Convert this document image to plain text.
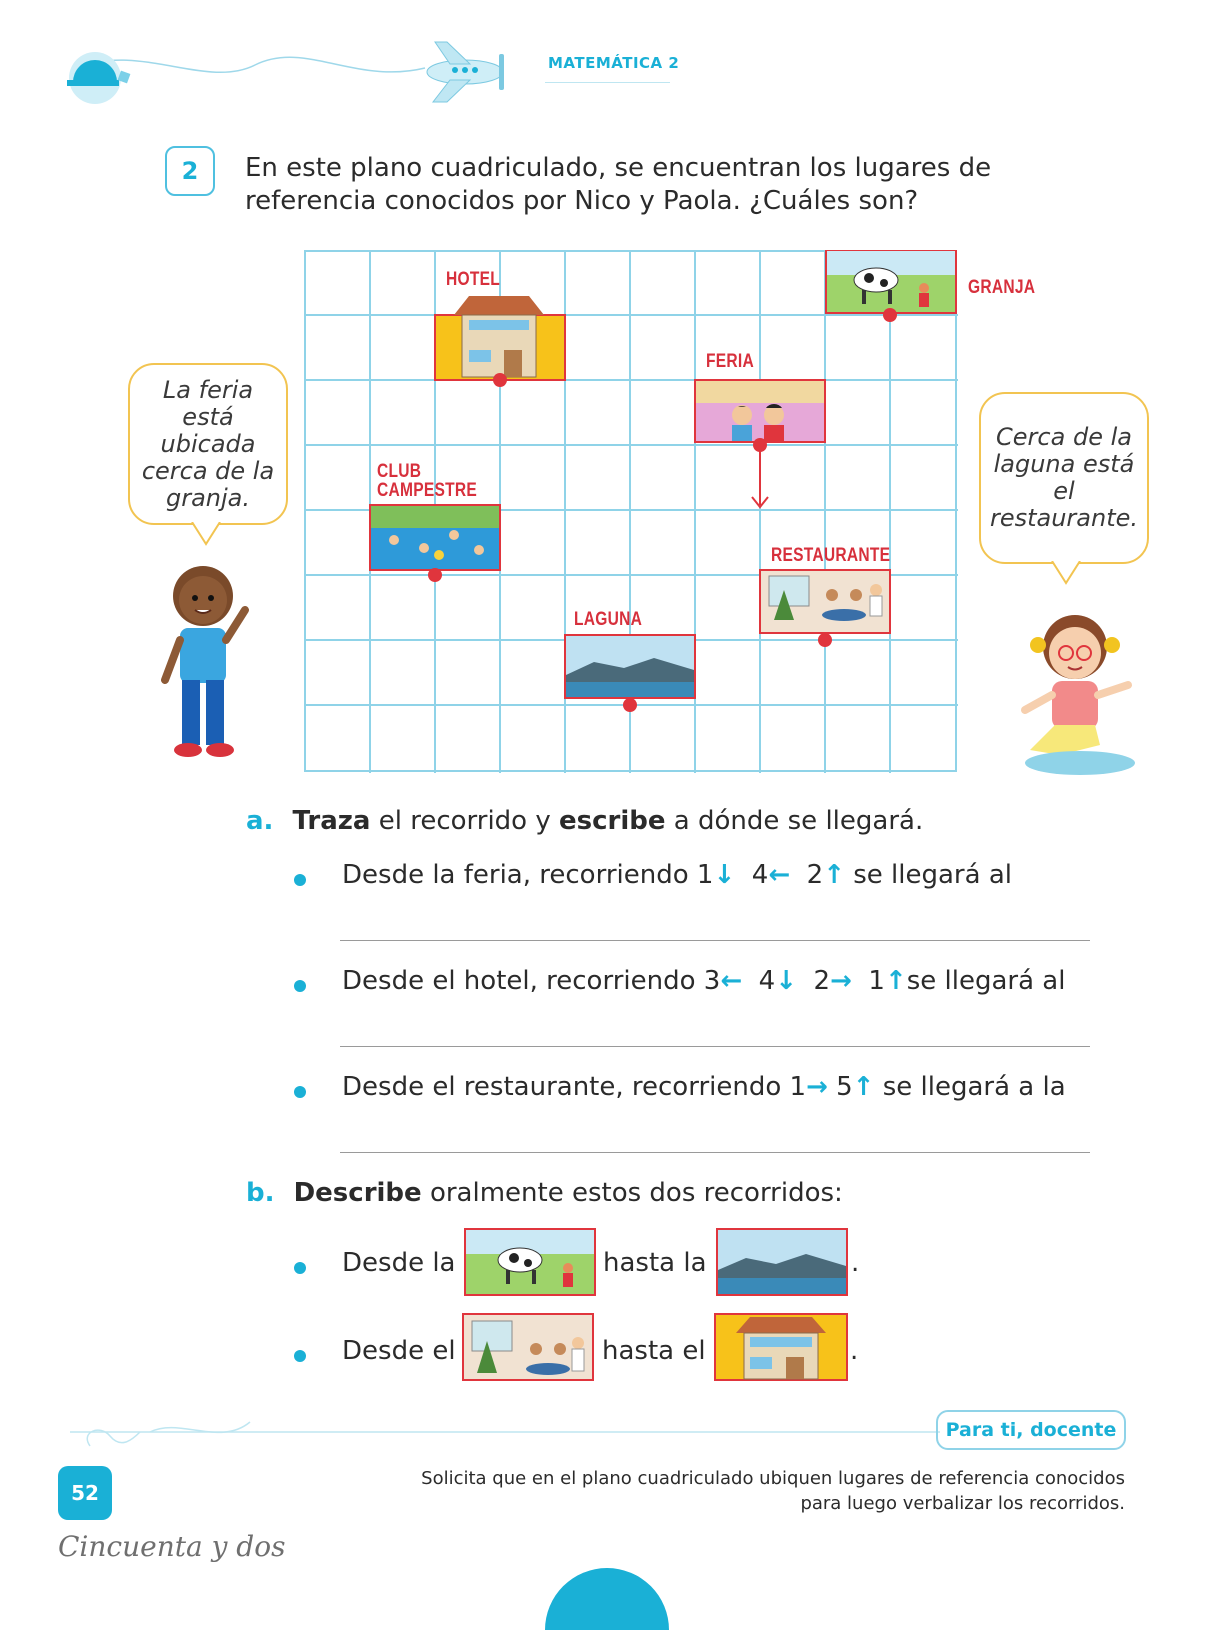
MATEMÁTICA 2
2	En este plano cuadriculado, se encuentran los lugares de referencia conocidos por Nico y Paola. ¿Cuáles son?
HOTEL	GRANJA
FERIA
CLUB CAMPESTRE
RESTAURANTE
LAGUNA
La feria está ubicada cerca de la granja.
Cerca de la laguna está el restaurante.
a. Traza el recorrido y escribe a dónde se llegará.
Desde la feria, recorriendo 1↓ 4← 2↑ se llegará al
Desde el hotel, recorriendo 3← 4↓ 2→ 1↑se llegará al
Desde el restaurante, recorriendo 1→ 5↑ se llegará a la
b. Describe oralmente estos dos recorridos:
Desde la	hasta la	.
Desde el	hasta el	.
Para ti, docente
Solicita que en el plano cuadriculado ubiquen lugares de referencia conocidos
para luego verbalizar los recorridos.
52
Cincuenta y dos
